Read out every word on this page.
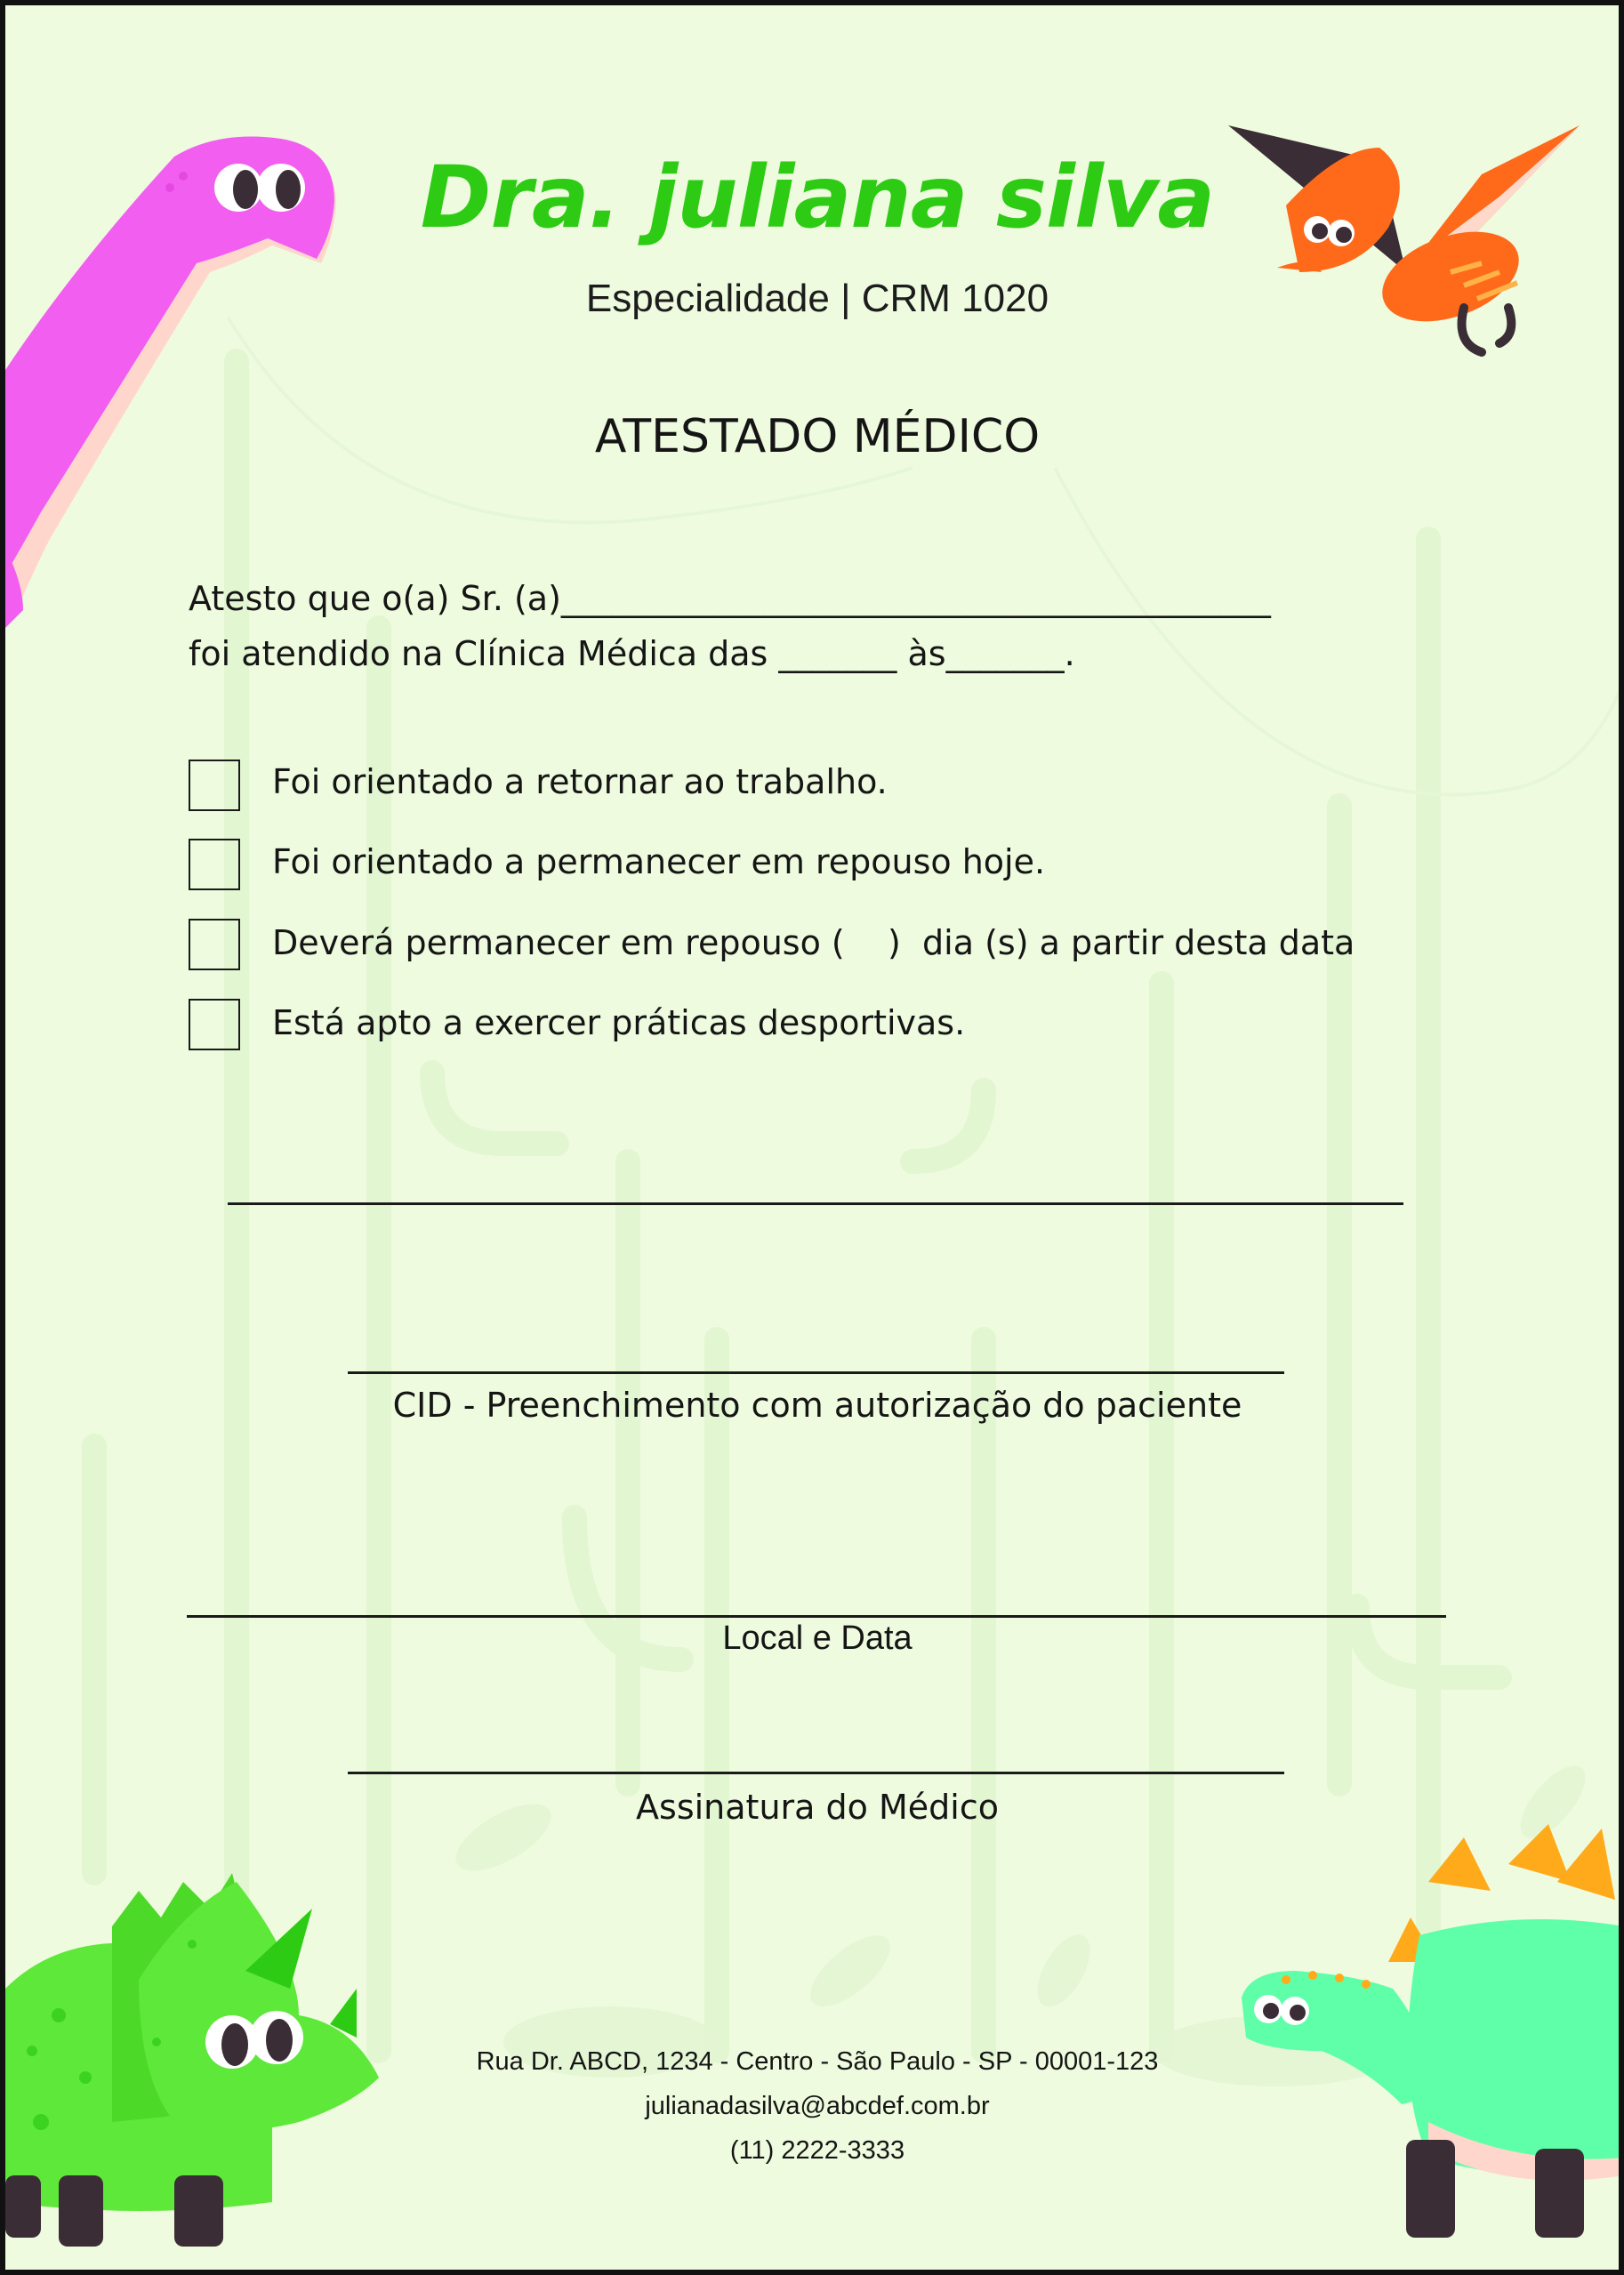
Dra. juliana silva
Especialidade | CRM 1020
ATESTADO MÉDICO
Atesto que o(a) Sr. (a)__________________________________________
foi atendido na Clínica Médica das _______ às_______.
Foi orientado a retornar ao trabalho.
Foi orientado a permanecer em repouso hoje.
Deverá permanecer em repouso (    )  dia (s) a partir desta data
Está apto a exercer práticas desportivas.
CID - Preenchimento com autorização do paciente
Local e Data
Assinatura do Médico
Rua Dr. ABCD, 1234 - Centro - São Paulo - SP - 00001-123
julianadasilva@abcdef.com.br
(11) 2222-3333
